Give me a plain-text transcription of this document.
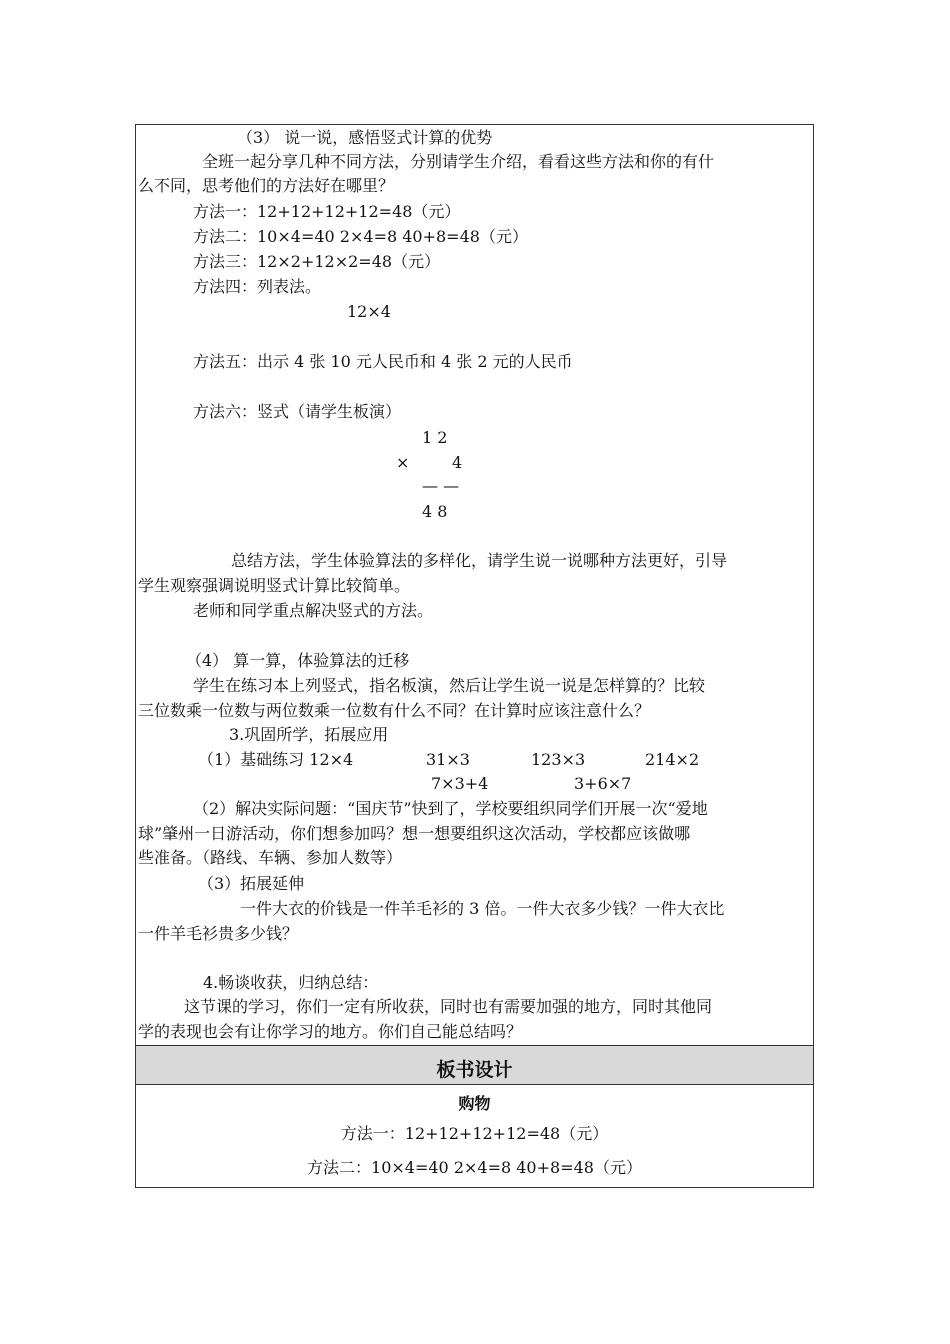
（3） 说一说，感悟竖式计算的优势
全班一起分享几种不同方法，分别请学生介绍，看看这些方法和你的有什
么不同，思考他们的方法好在哪里？
方法一：12+12+12+12=48（元）
方法二：10×4=40 2×4=8 40+8=48（元）
方法三：12×2+12×2=48（元）
方法四：列表法。
12×4
方法五：出示 4 张 10 元人民币和 4 张 2 元的人民币
方法六：竖式（请学生板演）
1 2
×	4
— —
4 8
总结方法，学生体验算法的多样化，请学生说一说哪种方法更好，引导
学生观察强调说明竖式计算比较简单。
老师和同学重点解决竖式的方法。
（4） 算一算，体验算法的迁移
学生在练习本上列竖式，指名板演，然后让学生说一说是怎样算的？比较
三位数乘一位数与两位数乘一位数有什么不同？在计算时应该注意什么？
3.巩固所学，拓展应用
（1）基础练习 12×4	31×3	123×3	214×2
7×3+4	3+6×7
（2）解决实际问题：“国庆节”快到了，学校要组织同学们开展一次“爱地
球”肇州一日游活动，你们想参加吗？想一想要组织这次活动，学校都应该做哪
些准备。（路线、车辆、参加人数等）
（3）拓展延伸
一件大衣的价钱是一件羊毛衫的 3 倍。一件大衣多少钱？一件大衣比
一件羊毛衫贵多少钱？
4.畅谈收获，归纳总结：
这节课的学习，你们一定有所收获，同时也有需要加强的地方，同时其他同
学的表现也会有让你学习的地方。你们自己能总结吗？
板书设计
购物
方法一：12+12+12+12=48（元）
方法二：10×4=40 2×4=8 40+8=48（元）
